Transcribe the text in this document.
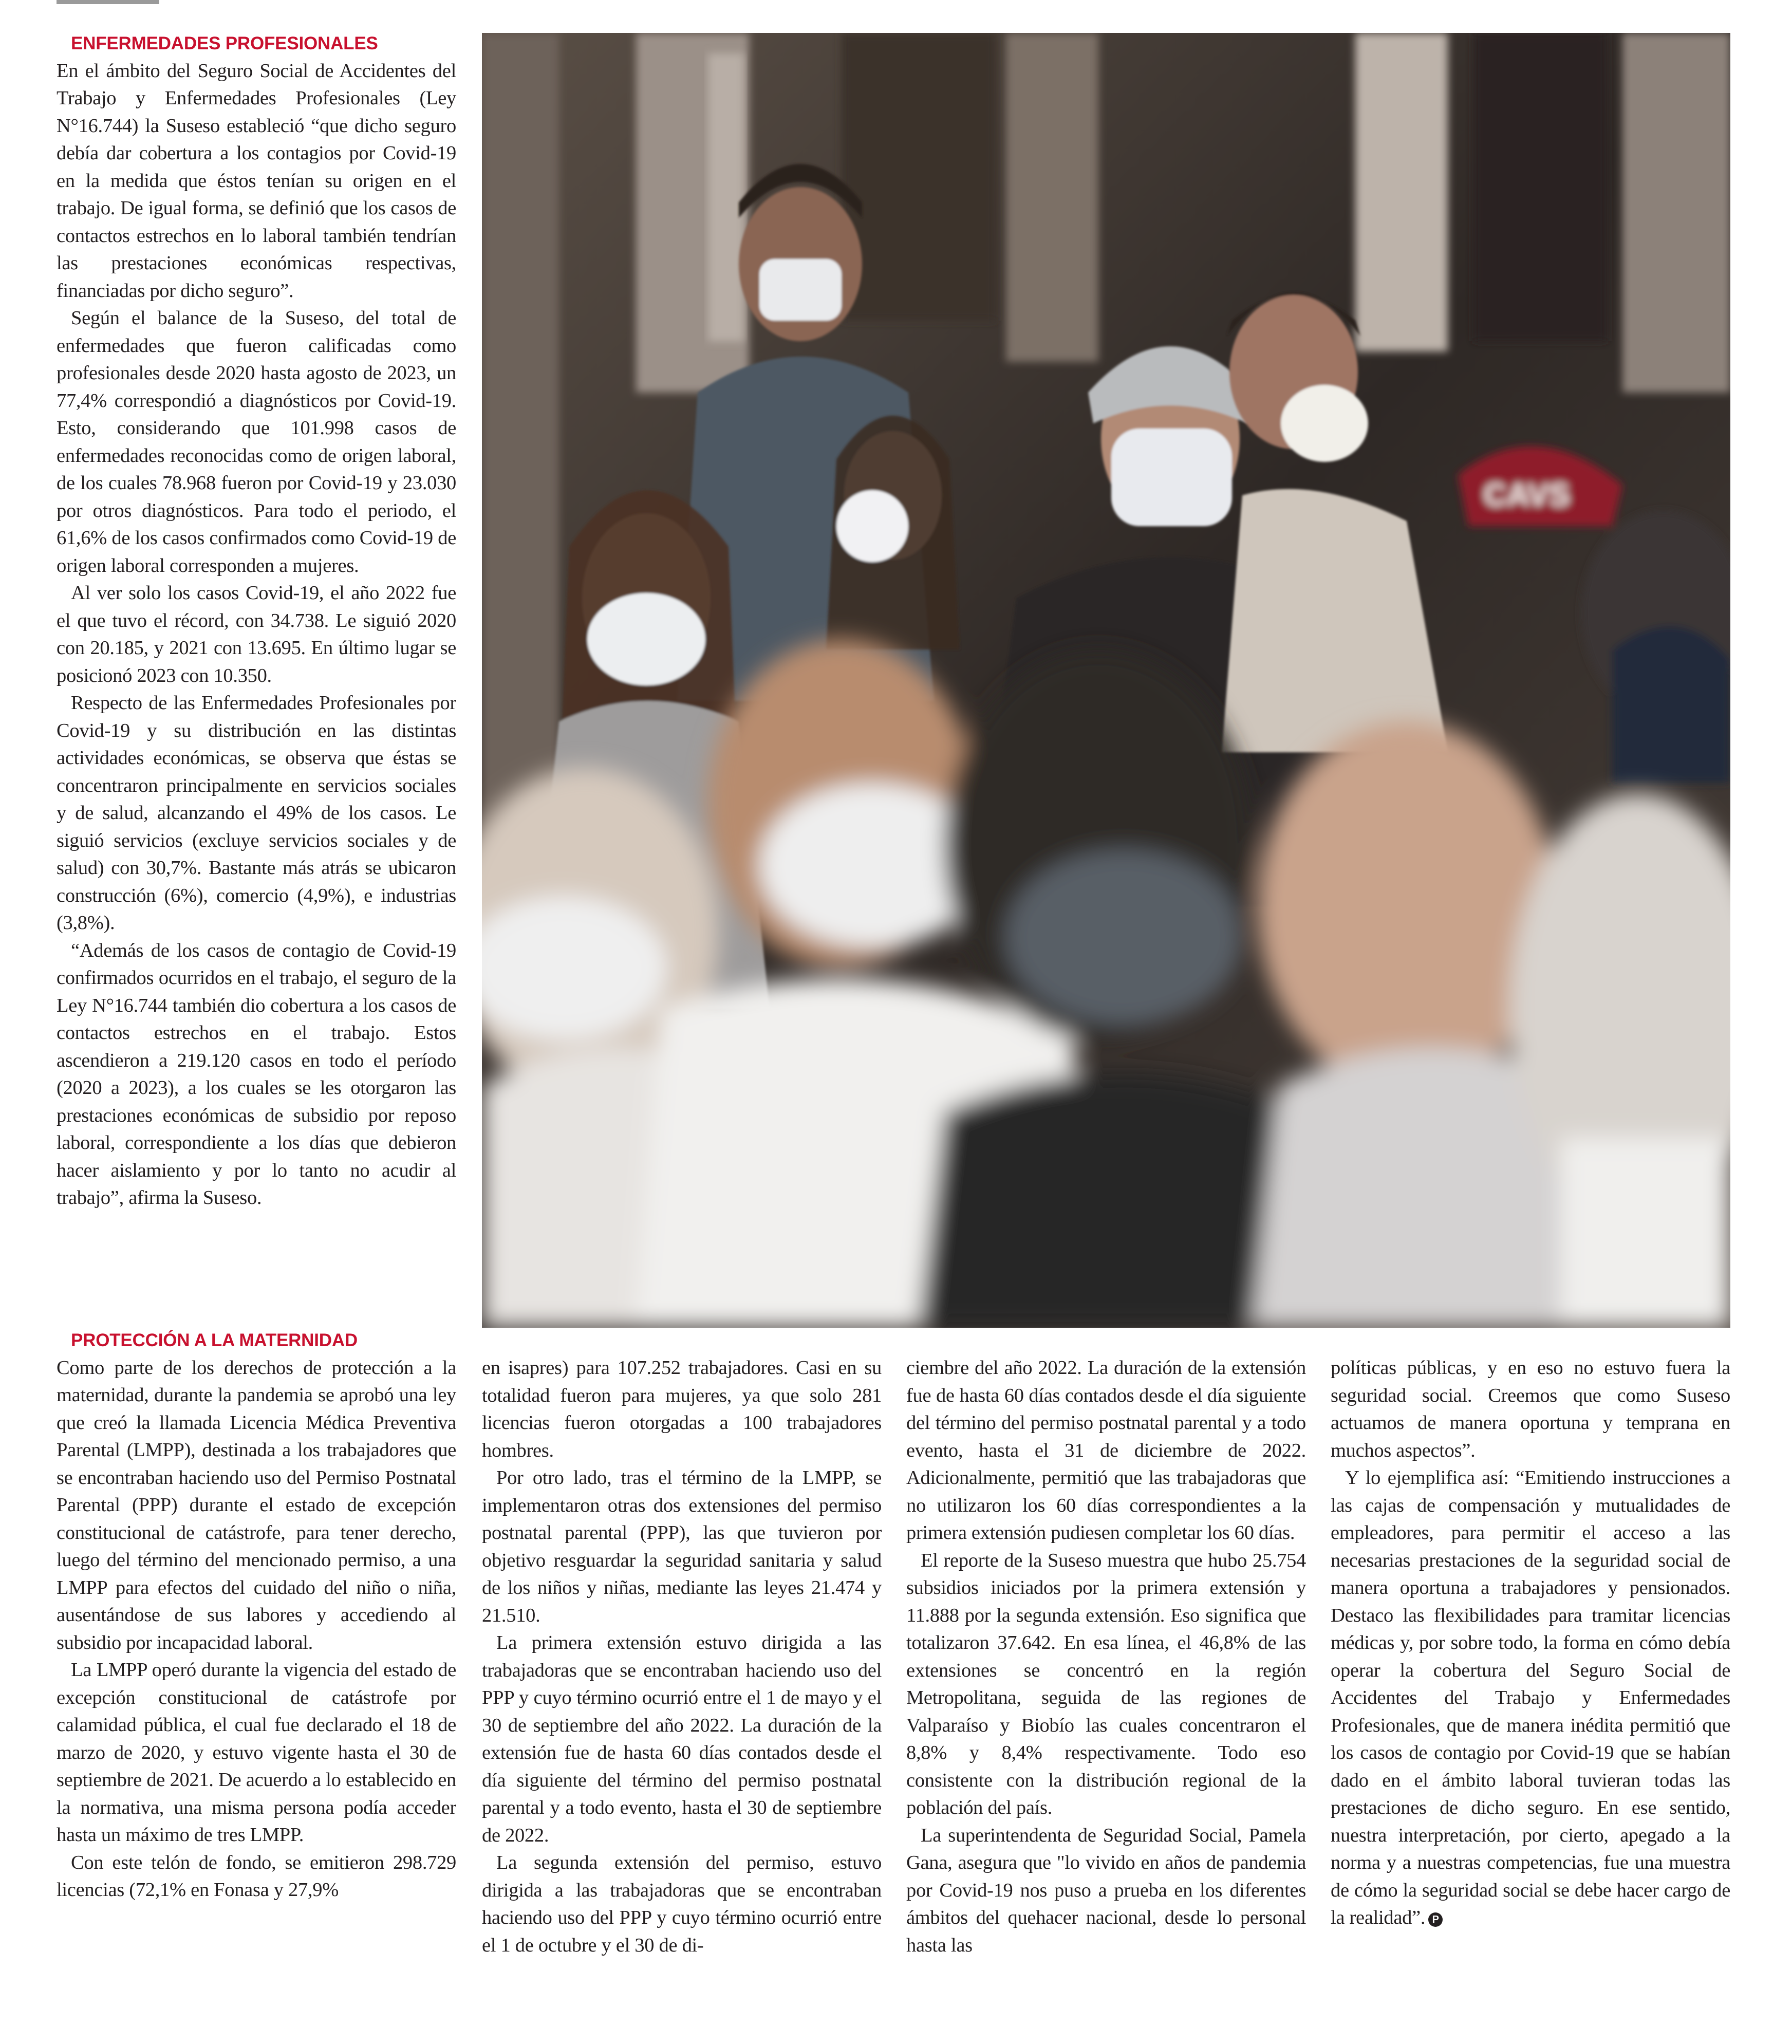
ENFERMEDADES PROFESIONALES

En el ámbito del Seguro Social de Accidentes del Trabajo y Enfermedades Profesionales (Ley N°16.744) la Suseso estableció “que dicho seguro debía dar cobertura a los contagios por Covid-19 en la medida que éstos tenían su origen en el trabajo. De igual forma, se definió que los casos de contactos estrechos en lo laboral también tendrían las prestaciones económicas respectivas, financiadas por dicho seguro”.

Según el balance de la Suseso, del total de enfermedades que fueron calificadas como profesionales desde 2020 hasta agosto de 2023, un 77,4% correspondió a diagnósticos por Covid-19. Esto, considerando que 101.998 casos de enfermedades reconocidas como de origen laboral, de los cuales 78.968 fueron por Covid-19 y 23.030 por otros diagnósticos. Para todo el periodo, el 61,6% de los casos confirmados como Covid-19 de origen laboral corresponden a mujeres.

Al ver solo los casos Covid-19, el año 2022 fue el que tuvo el récord, con 34.738. Le siguió 2020 con 20.185, y 2021 con 13.695. En último lugar se posicionó 2023 con 10.350.

Respecto de las Enfermedades Profesionales por Covid-19 y su distribución en las distintas actividades económicas, se observa que éstas se concentraron principalmente en servicios sociales y de salud, alcanzando el 49% de los casos. Le siguió servicios (excluye servicios sociales y de salud) con 30,7%. Bastante más atrás se ubicaron construcción (6%), comercio (4,9%), e industrias (3,8%).

“Además de los casos de contagio de Covid-19 confirmados ocurridos en el trabajo, el seguro de la Ley N°16.744 también dio cobertura a los casos de contactos estrechos en el trabajo. Estos ascendieron a 219.120 casos en todo el período (2020 a 2023), a los cuales se les otorgaron las prestaciones económicas de subsidio por reposo laboral, correspondiente a los días que debieron hacer aislamiento y por lo tanto no acudir al trabajo”, afirma la Suseso.

PROTECCIÓN A LA MATERNIDAD

Como parte de los derechos de protección a la maternidad, durante la pandemia se aprobó una ley que creó la llamada Licencia Médica Preventiva Parental (LMPP), destinada a los trabajadores que se encontraban haciendo uso del Permiso Postnatal Parental (PPP) durante el estado de excepción constitucional de catástrofe, para tener derecho, luego del término del mencionado permiso, a una LMPP para efectos del cuidado del niño o niña, ausentándose de sus labores y accediendo al subsidio por incapacidad laboral.

La LMPP operó durante la vigencia del estado de excepción constitucional de catástrofe por calamidad pública, el cual fue declarado el 18 de marzo de 2020, y estuvo vigente hasta el 30 de septiembre de 2021. De acuerdo a lo establecido en la normativa, una misma persona podía acceder hasta un máximo de tres LMPP.

Con este telón de fondo, se emitieron 298.729 licencias (72,1% en Fonasa y 27,9%

CAVS

en isapres) para 107.252 trabajadores. Casi en su totalidad fueron para mujeres, ya que solo 281 licencias fueron otorgadas a 100 trabajadores hombres.

Por otro lado, tras el término de la LMPP, se implementaron otras dos extensiones del permiso postnatal parental (PPP), las que tuvieron por objetivo resguardar la seguridad sanitaria y salud de los niños y niñas, mediante las leyes 21.474 y 21.510.

La primera extensión estuvo dirigida a las trabajadoras que se encontraban haciendo uso del PPP y cuyo término ocurrió entre el 1 de mayo y el 30 de septiembre del año 2022. La duración de la extensión fue de hasta 60 días contados desde el día siguiente del término del permiso postnatal parental y a todo evento, hasta el 30 de septiembre de 2022.

La segunda extensión del permiso, estuvo dirigida a las trabajadoras que se encontraban haciendo uso del PPP y cuyo término ocurrió entre el 1 de octubre y el 30 de di-

ciembre del año 2022. La duración de la extensión fue de hasta 60 días contados desde el día siguiente del término del permiso postnatal parental y a todo evento, hasta el 31 de diciembre de 2022. Adicionalmente, permitió que las trabajadoras que no utilizaron los 60 días correspondientes a la primera extensión pudiesen completar los 60 días.

El reporte de la Suseso muestra que hubo 25.754 subsidios iniciados por la primera extensión y 11.888 por la segunda extensión. Eso significa que totalizaron 37.642. En esa línea, el 46,8% de las extensiones se concentró en la región Metropolitana, seguida de las regiones de Valparaíso y Biobío las cuales concentraron el 8,8% y 8,4% respectivamente. Todo eso consistente con la distribución regional de la población del país.

La superintendenta de Seguridad Social, Pamela Gana, asegura que "lo vivido en años de pandemia por Covid-19 nos puso a prueba en los diferentes ámbitos del quehacer nacional, desde lo personal hasta las

políticas públicas, y en eso no estuvo fuera la seguridad social. Creemos que como Suseso actuamos de manera oportuna y temprana en muchos aspectos”.

Y lo ejemplifica así: “Emitiendo instrucciones a las cajas de compensación y mutualidades de empleadores, para permitir el acceso a las necesarias prestaciones de la seguridad social de manera oportuna a trabajadores y pensionados. Destaco las flexibilidades para tramitar licencias médicas y, por sobre todo, la forma en cómo debía operar la cobertura del Seguro Social de Accidentes del Trabajo y Enfermedades Profesionales, que de manera inédita permitió que los casos de contagio por Covid-19 que se habían dado en el ámbito laboral tuvieran todas las prestaciones de dicho seguro. En ese sentido, nuestra interpretación, por cierto, apegado a la norma y a nuestras competencias, fue una muestra de cómo la seguridad social se debe hacer cargo de la realidad”. P
